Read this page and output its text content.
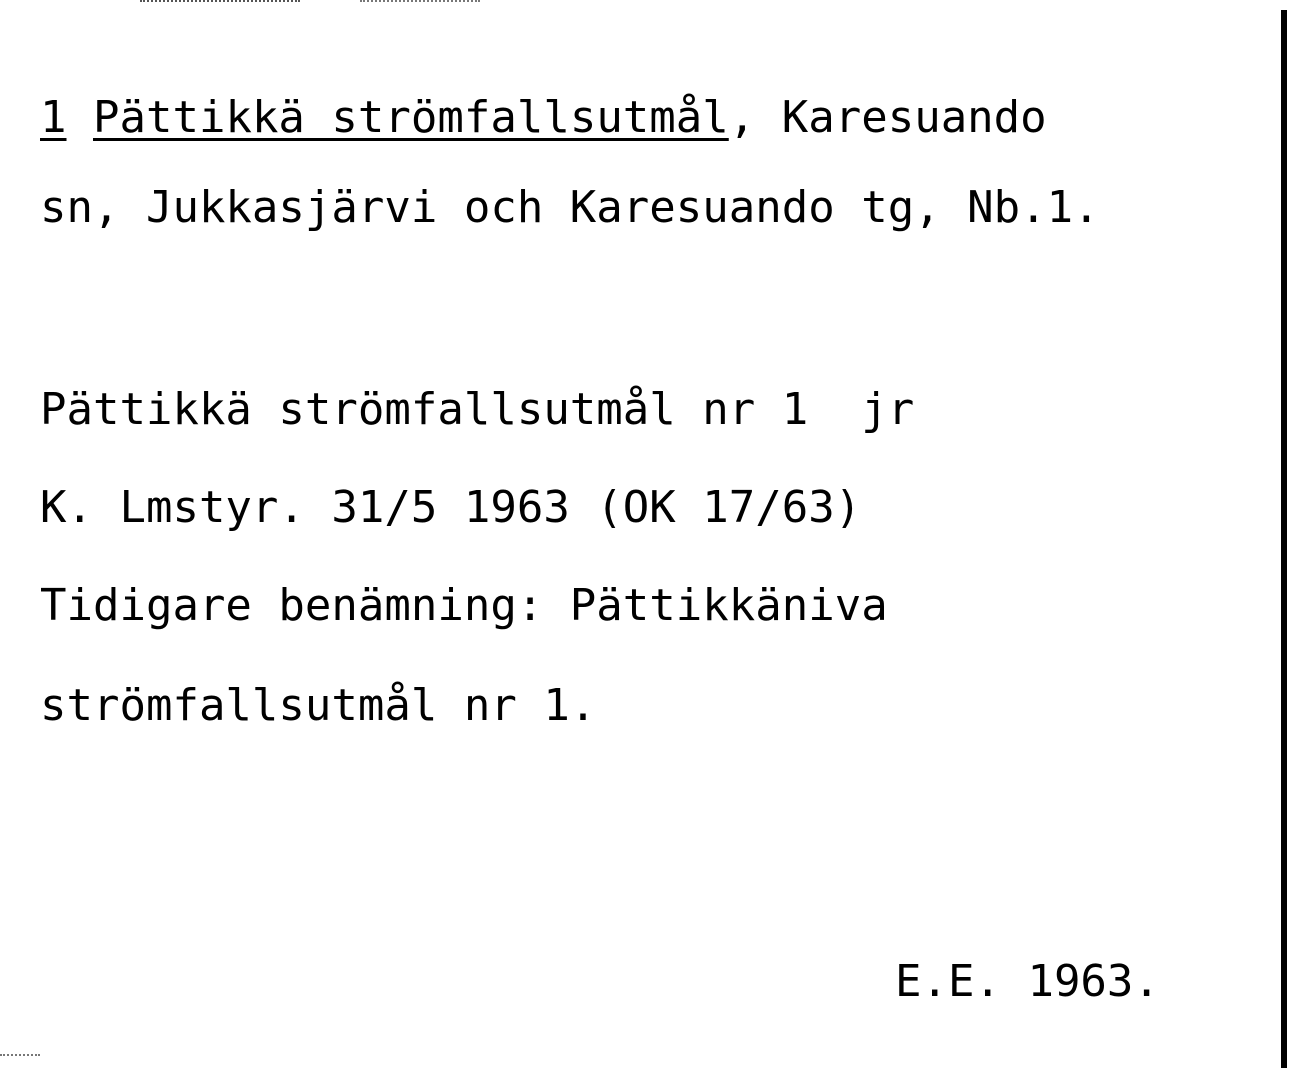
1 Pättikkä strömfallsutmål, Karesuando
sn, Jukkasjärvi och Karesuando tg, Nb.1.
Pättikkä strömfallsutmål nr 1  jr
K. Lmstyr. 31/5 1963 (OK 17/63)
Tidigare benämning: Pättikkäniva
strömfallsutmål nr 1.
E.E. 1963.
